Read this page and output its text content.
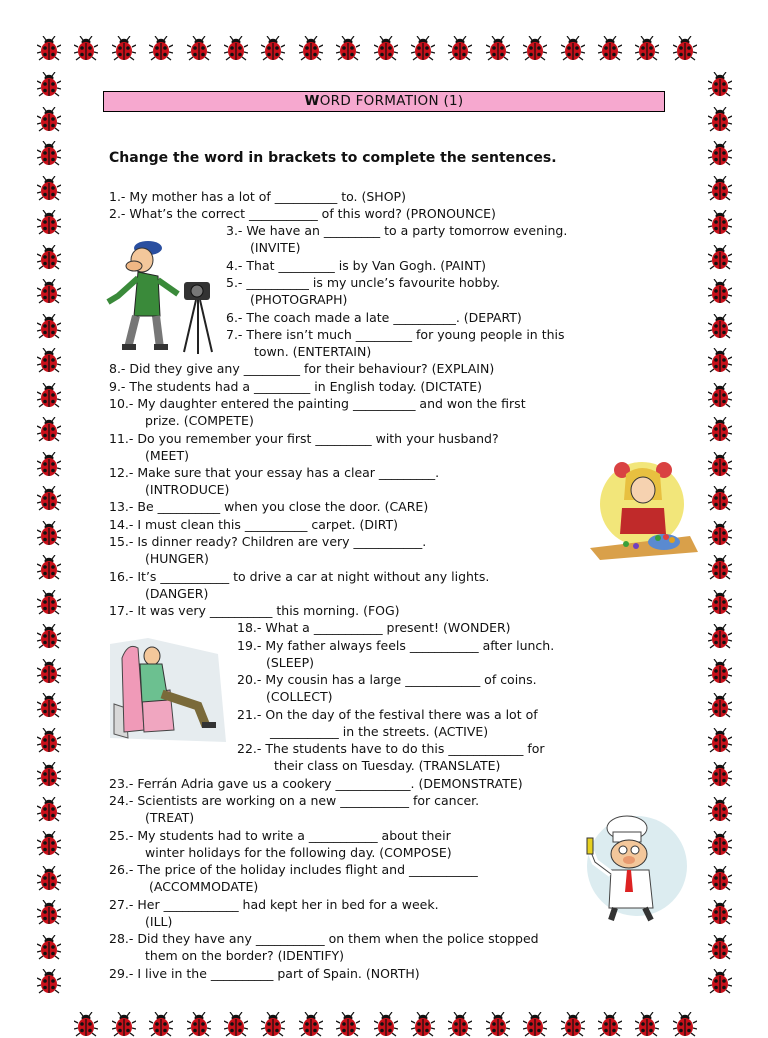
WORD FORMATION (1)
Change the word in brackets to complete the sentences.
1.- My mother has a lot of __________ to. (SHOP)
2.- What’s the correct ___________ of this word? (PRONOUNCE)
3.- We have an _________ to a party tomorrow evening.
(INVITE)
4.- That _________ is by Van Gogh. (PAINT)
5.- __________ is my uncle’s favourite hobby.
(PHOTOGRAPH)
6.- The coach made a late __________. (DEPART)
7.- There isn’t much _________ for young people in this
town. (ENTERTAIN)
8.- Did they give any _________ for their behaviour? (EXPLAIN)
9.- The students had a _________ in English today. (DICTATE)
10.- My daughter entered the painting __________ and won the first
prize. (COMPETE)
11.- Do you remember your first _________ with your husband?
(MEET)
12.- Make sure that your essay has a clear _________.
(INTRODUCE)
13.- Be __________ when you close the door. (CARE)
14.- I must clean this __________ carpet. (DIRT)
15.- Is dinner ready? Children are very ___________.
(HUNGER)
16.- It’s ___________ to drive a car at night without any lights.
(DANGER)
17.- It was very __________ this morning. (FOG)
18.- What a ___________ present! (WONDER)
19.- My father always feels ___________ after lunch.
(SLEEP)
20.- My cousin has a large ____________ of coins.
(COLLECT)
21.- On the day of the festival there was a lot of
___________ in the streets. (ACTIVE)
22.- The students have to do this ____________ for
their class on Tuesday. (TRANSLATE)
23.- Ferrán Adria gave us a cookery ____________. (DEMONSTRATE)
24.- Scientists are working on a new ___________ for cancer.
(TREAT)
25.- My students had to write a ___________ about their
winter holidays for the following day. (COMPOSE)
26.- The price of the holiday includes flight and ___________
(ACCOMMODATE)
27.- Her ____________ had kept her in bed for a week.
(ILL)
28.- Did they have any ___________ on them when the police stopped
them on the border? (IDENTIFY)
29.- I live in the __________ part of Spain. (NORTH)
